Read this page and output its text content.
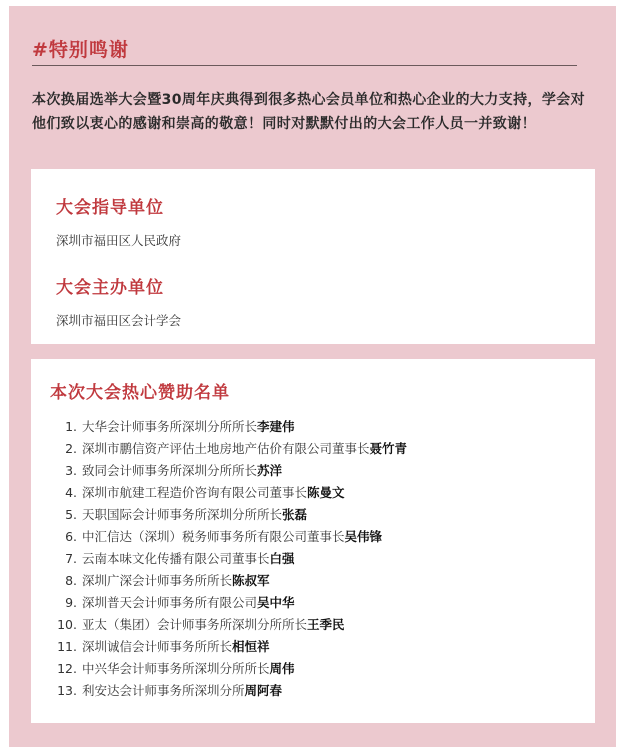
#特别鸣谢
本次换届选举大会暨30周年庆典得到很多热心会员单位和热心企业的大力支持，学会对他们致以衷心的感谢和崇高的敬意！同时对默默付出的大会工作人员一并致谢！
大会指导单位
深圳市福田区人民政府
大会主办单位
深圳市福田区会计学会
本次大会热心赞助名单
1. 大华会计师事务所深圳分所所长李建伟
2. 深圳市鹏信资产评估土地房地产估价有限公司董事长聂竹青
3. 致同会计师事务所深圳分所所长苏洋
4. 深圳市航建工程造价咨询有限公司董事长陈曼文
5. 天职国际会计师事务所深圳分所所长张磊
6. 中汇信达（深圳）税务师事务所有限公司董事长吴伟锋
7. 云南本味文化传播有限公司董事长白强
8. 深圳广深会计师事务所所长陈叔军
9. 深圳普天会计师事务所有限公司吴中华
10. 亚太（集团）会计师事务所深圳分所所长王季民
11. 深圳诚信会计师事务所所长相恒祥
12. 中兴华会计师事务所深圳分所所长周伟
13. 利安达会计师事务所深圳分所周阿春
